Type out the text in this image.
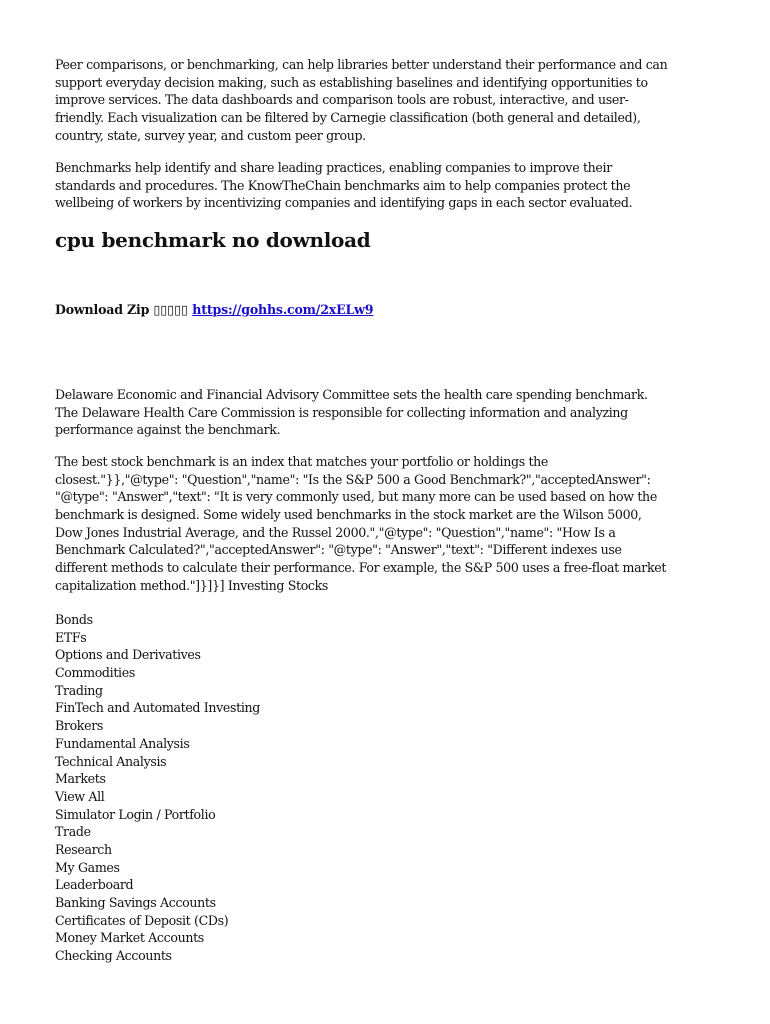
Peer comparisons, or benchmarking, can help libraries better understand their performance and can
support everyday decision making, such as establishing baselines and identifying opportunities to
improve services. The data dashboards and comparison tools are robust, interactive, and user-
friendly. Each visualization can be filtered by Carnegie classification (both general and detailed),
country, state, survey year, and custom peer group.
Benchmarks help identify and share leading practices, enabling companies to improve their
standards and procedures. The KnowTheChain benchmarks aim to help companies protect the
wellbeing of workers by incentivizing companies and identifying gaps in each sector evaluated.
cpu benchmark no download
Download Zip ▯▯▯▯▯ https://gohhs.com/2xELw9
Delaware Economic and Financial Advisory Committee sets the health care spending benchmark.
The Delaware Health Care Commission is responsible for collecting information and analyzing
performance against the benchmark.
The best stock benchmark is an index that matches your portfolio or holdings the
closest."}},"@type": "Question","name": "Is the S&P 500 a Good Benchmark?","acceptedAnswer":
"@type": "Answer","text": "It is very commonly used, but many more can be used based on how the
benchmark is designed. Some widely used benchmarks in the stock market are the Wilson 5000,
Dow Jones Industrial Average, and the Russel 2000.","@type": "Question","name": "How Is a
Benchmark Calculated?","acceptedAnswer": "@type": "Answer","text": "Different indexes use
different methods to calculate their performance. For example, the S&P 500 uses a free-float market
capitalization method."]}]}] Investing Stocks
Bonds
ETFs
Options and Derivatives
Commodities
Trading
FinTech and Automated Investing
Brokers
Fundamental Analysis
Technical Analysis
Markets
View All
Simulator Login / Portfolio
Trade
Research
My Games
Leaderboard
Banking Savings Accounts
Certificates of Deposit (CDs)
Money Market Accounts
Checking Accounts
